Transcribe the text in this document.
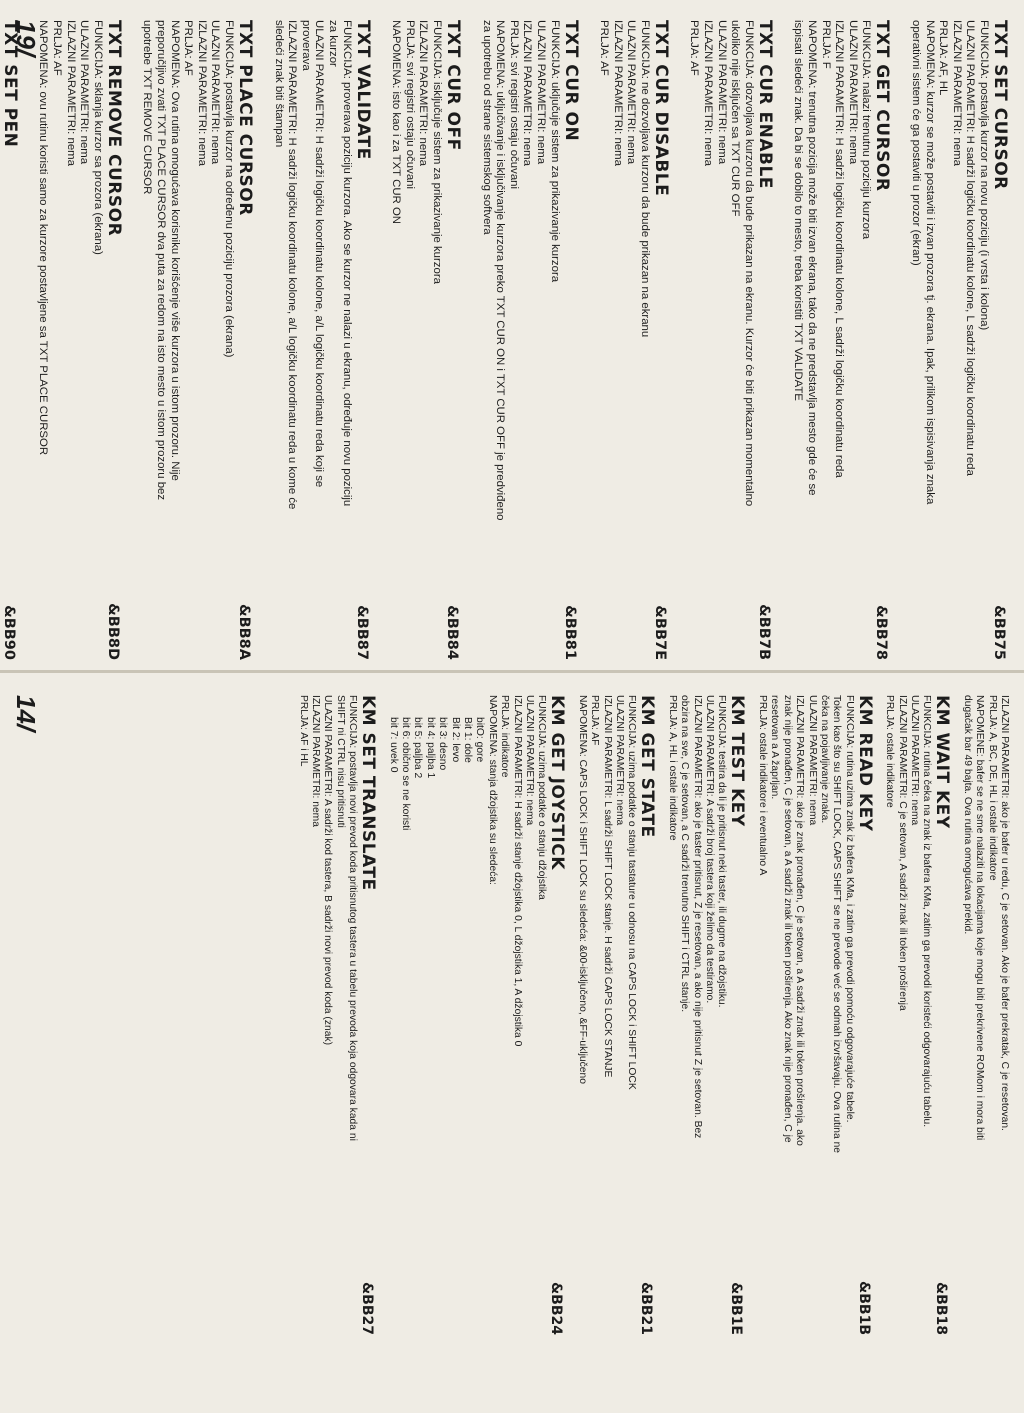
TXT SET CURSOR
&BB75
FUNKCIJA: postavlja kurzor na novu poziciju (i vrsta i kolona)
ULAZNI PARAMETRI: H sadrži logičku koordinatu kolone, L sadrži logičku koordinatu reda
IZLAZNI PARAMETRI: nema
PRLJA: AF, HL
NAPOMENA: kurzor se može postaviti i izvan prozora tj. ekrana. Ipak, prilikom ispisivanja znaka
operativni sistem će ga postaviti u prozor (ekran)
TXT GET CURSOR
&BB78
FUNKCIJA: nalazi trenutnu poziciju kurzora
ULAZNI PARAMETRI: nema
IZLAZNI PARAMETRI: H sadrži logičku koordinatu kolone, L sadrži logičku koordinatu reda
PRLJA: F
NAPOMENA: trenutna pozicija može biti izvan ekrana, tako da ne predstavlja mesto gde će se
ispisati sledeći znak. Da bi se dobilo to mesto, treba koristiti TXT VALIDATE
TXT CUR ENABLE
&BB7B
FUNKCIJA: dozvoljava kurzoru da bude prikazan na ekranu. Kurzor će biti prikazan momentalno
ukoliko nije isključen sa TXT CUR OFF
ULAZNI PARAMETRI: nema
IZLAZNI PARAMETRI: nema
PRLJA: AF
TXT CUR DISABLE
&BB7E
FUNKCIJA: ne dozvoljava kurzoru da bude prikazan na ekranu
ULAZNI PARAMETRI: nema
IZLAZNI PARAMETRI: nema
PRLJA: AF
TXT CUR ON
&BB81
FUNKCIJA: uključuje sistem za prikazivanje kurzora
ULAZNI PARAMETRI: nema
IZLAZNI PARAMETRI: nema
PRLJA: svi registri ostaju očuvani
NAPOMENA: uključivanje i isključivanje kurzora preko TXT CUR ON i TXT CUR OFF je predviđeno
za upotrebu od strane sistemskog softvera
TXT CUR OFF
&BB84
FUNKCIJA: isključuje sistem za prikazivanje kurzora
IZLAZNI PARAMETRI: nema
PRLJA: svi registri ostaju očuvani
NAPOMENA: isto kao i za TXT CUR ON
TXT VALIDATE
&BB87
FUNKCIJA: proverava poziciju kurzora. Ako se kurzor ne nalazi u ekranu, određuje novu poziciju
za kurzor
ULAZNI PARAMETRI: H sadrži logičku koordinatu kolone, a/L logičku koordinatu reda koji se
proverava
IZLAZNI PARAMETRI: H sadrži logičku koordinatu kolone, a/L logičku koordinatu reda u kome će
sledeći znak biti štampan
TXT PLACE CURSOR
&BB8A
FUNKCIJA: postavlja kurzor na određenu poziciju prozora (ekrana)
ULAZNI PARAMETRI: nema
IZLAZNI PARAMETRI: nema
PRLJA: AF
NAPOMENA: Ova rutina omogućava korisniku korišćenje više kurzora u istom prozoru. Nije
preporučljivo zvati TXT PLACE CURSOR dva puta za redom na isto mesto u istom prozoru bez
upotrebe TXT REMOVE CURSOR
TXT REMOVE CURSOR
&BB8D
FUNKCIJA: sklanja kurzor sa prozora (ekrana)
ULAZNI PARAMETRI: nema
IZLAZNI PARAMETRI: nema
PRLJA: AF
NAPOMENA: ovu rutinu koristi samo za kurzore postavljene sa TXT PLACE CURSOR
TXT SET PEN
&BB90
19/
IZLAZNI PARAMETRI: ako je bafer u redu, C je setovan. Ako je bafer prekratak, C je resetovan.
PRLJA: A, BC, DE, HL i ostale indikatore
NAPOMENE: bafer se ne sme nalaziti na lokacijama koje mogu biti prekrivene ROMom i mora biti
dugačak bar 49 bajta. Ova rutina omogućava prekid.
KM WAIT KEY
&BB18
FUNKCIJA: rutina čeka na znak iz bafera KMa, zatim ga prevodi koristeći odgovarajuću tabelu.
ULAZNI PARAMETRI: nema
IZLAZNI PARAMETRI: C je setovan, A sadrži znak ili token proširenja
PRLJA: ostale indikatore
KM READ KEY
&BB1B
FUNKCIJA: rutina uzima znak iz bafera KMa, i zatim ga prevodi pomoću odgovarajuće tabele.
Token kao što su SHIFT LOCK, CAPS SHIFT se ne prevode već se odmah izvršavaju. Ova rutina ne
čeka na pojavljivanje znaka.
ULAZNI PARAMETRI: nema
IZLAZNI PARAMETRI: ako je znak pronađen, C je setovan, a A sadrži znak ili token proširenja. ako
znak nije pronađen, C je setovan, a A sadrži znak ili token proširenja. Ako znak nije pronađen, C je
resetovan a A žaprljan.
PRLJA: ostale indikatore i eventualno A
KM TEST KEY
&BB1E
FUNKCIJA: testira da li je pritisnut neki taster, ili dugme na džojstiku.
ULAZNI PARAMETRI: A sadrži broj tastera koji želimo da testiramo.
IZLAZNI PARAMETRI: ako je taster pritisnut, Z je resetovan, a ako nije pritisnut Z je setovan. Bez
obzira na sve, C je setovan, a C sadrži trenutno SHIFT i CTRL stanje.
PRLJA: A, HL i ostale indikatore
KM GET STATE
&BB21
FUNKCIJA: uzima podatke o stanju tastature u odnosu na CAPS LOCK i SHIFT LOCK
ULAZNI PARAMETRI: nema
IZLAZNI PARAMETRI: L sadrži SHIFT LOCK stanje. H sadrži CAPS LOCK STANJE
PRLJA: AF
NAPOMENA: CAPS LOCK i SHIFT LOCK su sledeća: &00-isključeno, &FF-uključeno
KM GET JOYSTICK
&BB24
FUNKCIJA: uzima podatke o stanju džojstika
ULAZNI PARAMETRI: nema
IZLAZNI PARAMETRI: H sadrži stanje džojstika 0, L džojstika 1, A džojstika 0
PRLJA: indikatore
NAPOMENA: stanja džojstika su sledeća:
bitO: gore
Bit 1: dole
Bit 2: levo
bit 3: desno
bit 4: paljba 1
bit 5: paljba 2
bit 6: obično se ne koristi
bit 7: uvek 0
KM SET TRANSLATE
&BB27
FUNKCIJA: postavlja novi prevod koda pritisnutog tastera u tabelu prevoda koja odgovara kada ni
SHIFT ni CTRL nisu pritisnuti
ULAZNI PARAMETRI: A sadrži kod tastera, B sadrži novi prevod koda (znak)
IZLAZNI PARAMETRI: nema
PRLJA: AF i HL
14/
